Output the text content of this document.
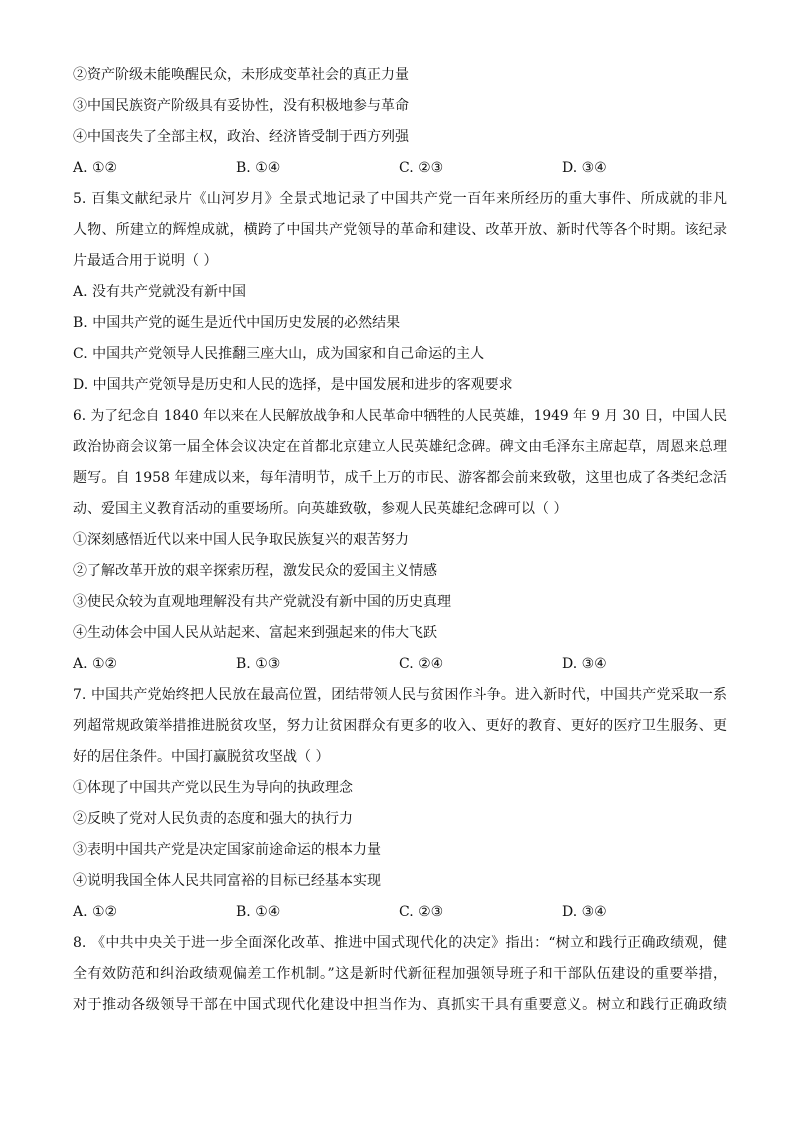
②资产阶级未能唤醒民众，未形成变革社会的真正力量
③中国民族资产阶级具有妥协性，没有积极地参与革命
④中国丧失了全部主权，政治、经济皆受制于西方列强
A. ①②	B. ①④	C. ②③	D. ③④
5. 百集文献纪录片《山河岁月》全景式地记录了中国共产党一百年来所经历的重大事件、所成就的非凡
人物、所建立的辉煌成就，横跨了中国共产党领导的革命和建设、改革开放、新时代等各个时期。该纪录
片最适合用于说明（ ）
A. 没有共产党就没有新中国
B. 中国共产党的诞生是近代中国历史发展的必然结果
C. 中国共产党领导人民推翻三座大山，成为国家和自己命运的主人
D. 中国共产党领导是历史和人民的选择，是中国发展和进步的客观要求
6. 为了纪念自 1840 年以来在人民解放战争和人民革命中牺牲的人民英雄，1949 年 9 月 30 日，中国人民
政治协商会议第一届全体会议决定在首都北京建立人民英雄纪念碑。碑文由毛泽东主席起草，周恩来总理
题写。自 1958 年建成以来，每年清明节，成千上万的市民、游客都会前来致敬，这里也成了各类纪念活
动、爱国主义教育活动的重要场所。向英雄致敬，参观人民英雄纪念碑可以（ ）
①深刻感悟近代以来中国人民争取民族复兴的艰苦努力
②了解改革开放的艰辛探索历程，激发民众的爱国主义情感
③使民众较为直观地理解没有共产党就没有新中国的历史真理
④生动体会中国人民从站起来、富起来到强起来的伟大飞跃
A. ①②	B. ①③	C. ②④	D. ③④
7. 中国共产党始终把人民放在最高位置，团结带领人民与贫困作斗争。进入新时代，中国共产党采取一系
列超常规政策举措推进脱贫攻坚，努力让贫困群众有更多的收入、更好的教育、更好的医疗卫生服务、更
好的居住条件。中国打赢脱贫攻坚战（ ）
①体现了中国共产党以民生为导向的执政理念
②反映了党对人民负责的态度和强大的执行力
③表明中国共产党是决定国家前途命运的根本力量
④说明我国全体人民共同富裕的目标已经基本实现
A. ①②	B. ①④	C. ②③	D. ③④
8. 《中共中央关于进一步全面深化改革、推进中国式现代化的决定》指出：“树立和践行正确政绩观，健
全有效防范和纠治政绩观偏差工作机制。”这是新时代新征程加强领导班子和干部队伍建设的重要举措，
对于推动各级领导干部在中国式现代化建设中担当作为、真抓实干具有重要意义。树立和践行正确政绩
